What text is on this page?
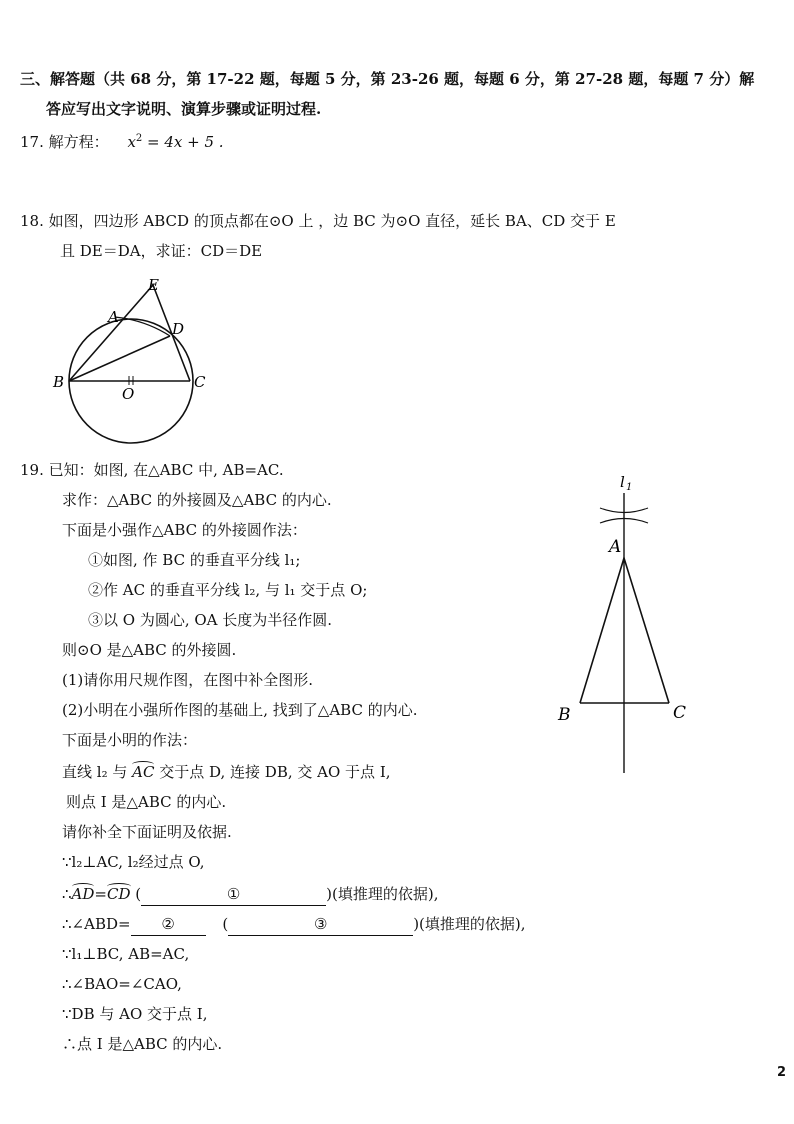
三、解答题（共 68 分，第 17-22 题，每题 5 分，第 23-26 题，每题 6 分，第 27-28 题，每题 7 分）解
答应写出文字说明、演算步骤或证明过程.
17. 解方程： $x^2 = 4x + 5$ .
18. 如图，四边形 ABCD 的顶点都在⊙O 上 ，边 BC 为⊙O 直径，延长 BA、CD 交于 E
且 DE＝DA，求证：CD＝DE
E
A
D
B	C
O
19. 已知：如图, 在△ABC 中, AB=AC.
求作：△ABC 的外接圆及△ABC 的内心.
下面是小强作△ABC 的外接圆作法：
①如图, 作 BC 的垂直平分线 l₁;
②作 AC 的垂直平分线 l₂, 与 l₁ 交于点 O;
③以 O 为圆心, OA 长度为半径作圆.
则⊙O 是△ABC 的外接圆.
(1)请你用尺规作图，在图中补全图形.
(2)小明在小强所作图的基础上, 找到了△ABC 的内心.
下面是小明的作法：
直线 l₂ 与 AC 交于点 D, 连接 DB, 交 AO 于点 I,
则点 I 是△ABC 的内心.
请你补全下面证明及依据.
∵l₂⊥AC, l₂经过点 O,
∴AD=CD (	①	)(填推理的依据),
∴∠ABD= ②	(	③	)(填推理的依据),
∵l₁⊥BC, AB=AC,
∴∠BAO=∠CAO,
∵DB 与 AO 交于点 I,
∴点 I 是△ABC 的内心.
l 1
A
B	C
2
